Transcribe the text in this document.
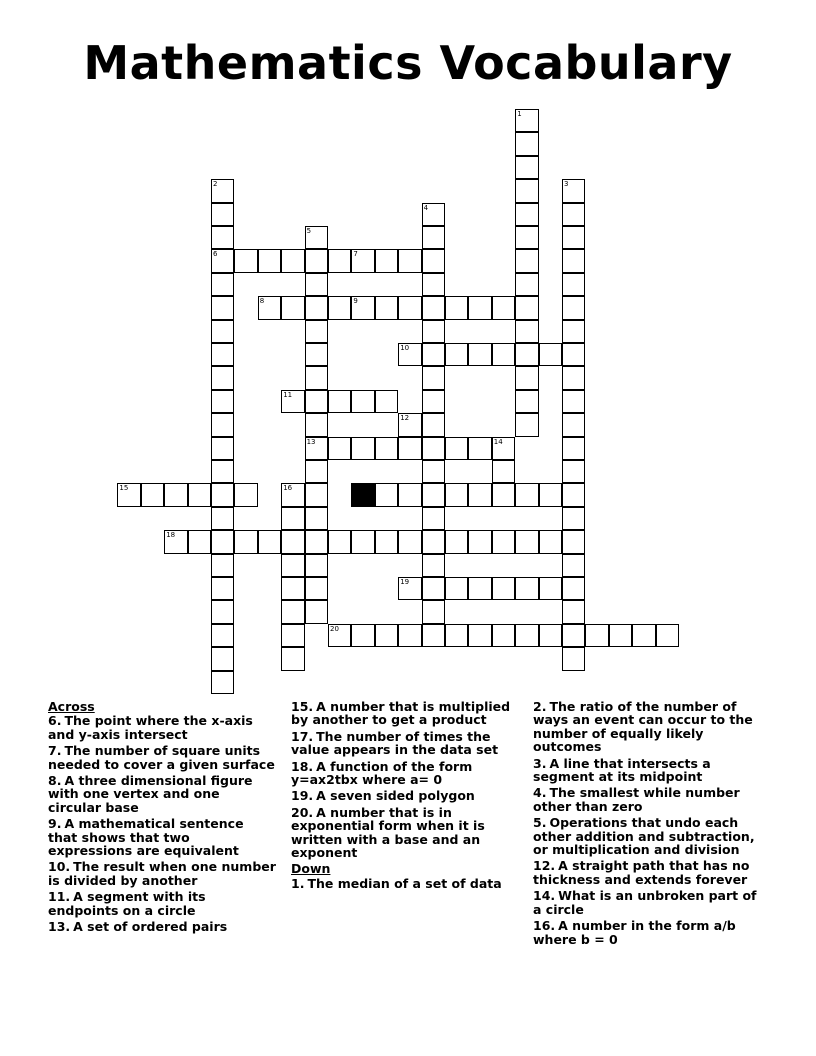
Mathematics Vocabulary
1
2
6
3
4
5
13
7
8	9
10
11
12
14
15	16	17
18
19
20
Across
6. The point where the x-axis and y-axis intersect
7. The number of square units needed to cover a given surface
8. A three dimensional figure with one vertex and one circular base
9. A mathematical sentence that shows that two expressions are equivalent
10. The result when one number is divided by another
11. A segment with its endpoints on a circle
13. A set of ordered pairs
15. A number that is multiplied by another to get a product
17. The number of times the value appears in the data set
18. A function of the form y=ax2tbx where a= 0
19. A seven sided polygon
20. A number that is in exponential form when it is written with a base and an exponent
Down
1. The median of a set of data
2. The ratio of the number of ways an event can occur to the number of equally likely outcomes
3. A line that intersects a segment at its midpoint
4. The smallest while number other than zero
5. Operations that undo each other addition and subtraction, or multiplication and division
12. A straight path that has no thickness and extends forever
14. What is an unbroken part of a circle
16. A number in the form a/b where b = 0
